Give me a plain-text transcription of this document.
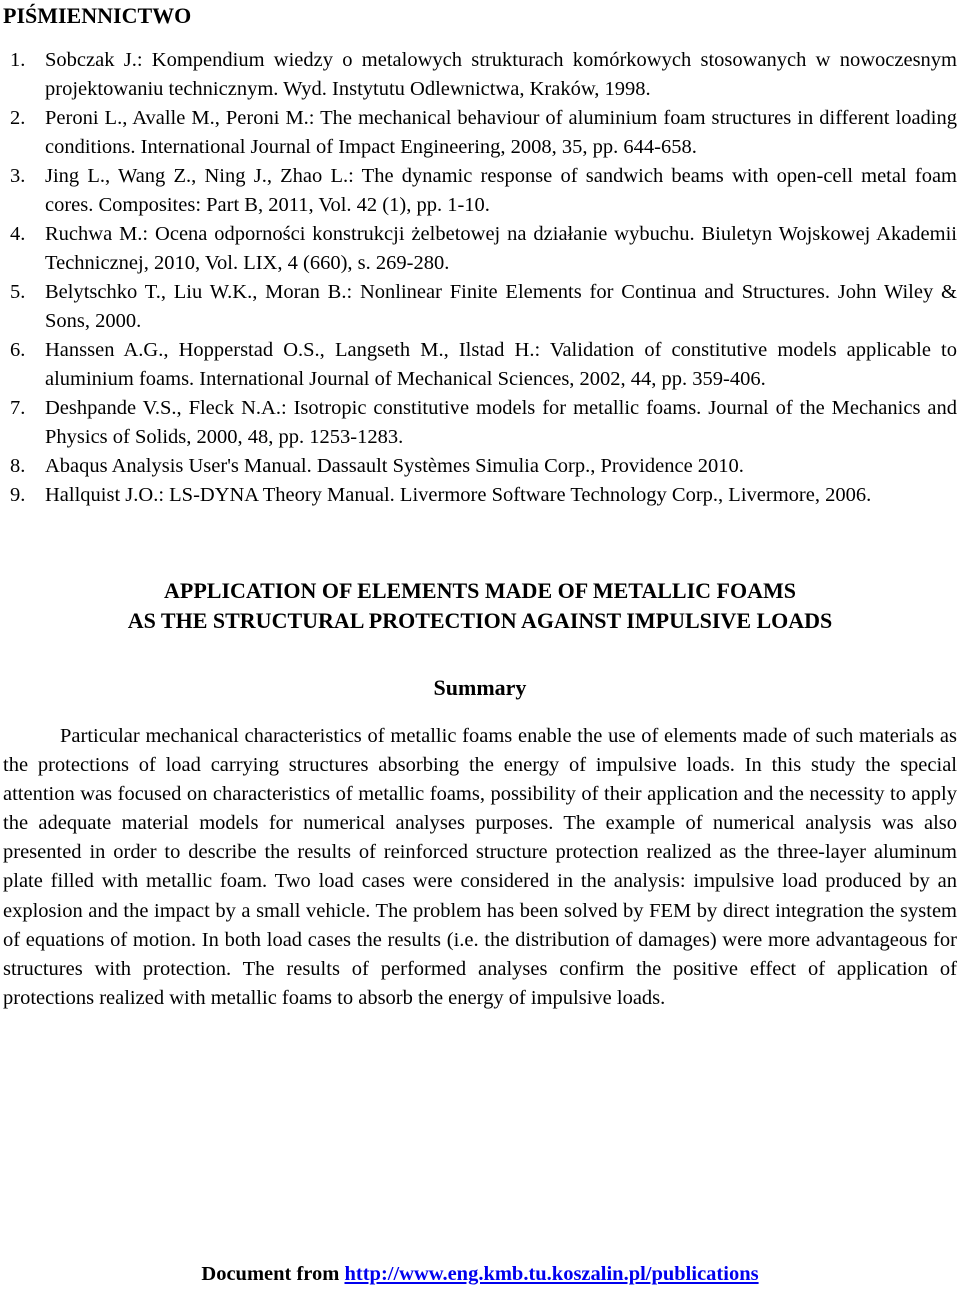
PIŚMIENNICTWO
1. Sobczak J.: Kompendium wiedzy o metalowych strukturach komórkowych stosowanych w nowoczesnym projektowaniu technicznym. Wyd. Instytutu Odlewnictwa, Kraków, 1998.
2. Peroni L., Avalle M., Peroni M.: The mechanical behaviour of aluminium foam structures in different loading conditions. International Journal of Impact Engineering, 2008, 35, pp. 644-658.
3. Jing L., Wang Z., Ning J., Zhao L.: The dynamic response of sandwich beams with open-cell metal foam cores. Composites: Part B, 2011, Vol. 42 (1), pp. 1-10.
4. Ruchwa M.: Ocena odporności konstrukcji żelbetowej na działanie wybuchu. Biuletyn Wojskowej Akademii Technicznej, 2010, Vol. LIX, 4 (660), s. 269-280.
5. Belytschko T., Liu W.K., Moran B.: Nonlinear Finite Elements for Continua and Structures. John Wiley & Sons, 2000.
6. Hanssen A.G., Hopperstad O.S., Langseth M., Ilstad H.: Validation of constitutive models applicable to aluminium foams. International Journal of Mechanical Sciences, 2002, 44, pp. 359-406.
7. Deshpande V.S., Fleck N.A.: Isotropic constitutive models for metallic foams. Journal of the Mechanics and Physics of Solids, 2000, 48, pp. 1253-1283.
8. Abaqus Analysis User's Manual. Dassault Systèmes Simulia Corp., Providence 2010.
9. Hallquist J.O.: LS-DYNA Theory Manual. Livermore Software Technology Corp., Livermore, 2006.
APPLICATION OF ELEMENTS MADE OF METALLIC FOAMS
AS THE STRUCTURAL PROTECTION AGAINST IMPULSIVE LOADS
Summary
Particular mechanical characteristics of metallic foams enable the use of elements made of such materials as the protections of load carrying structures absorbing the energy of impulsive loads. In this study the special attention was focused on characteristics of metallic foams, possibility of their application and the necessity to apply the adequate material models for numerical analyses purposes. The example of numerical analysis was also presented in order to describe the results of reinforced structure protection realized as the three-layer aluminum plate filled with metallic foam. Two load cases were considered in the analysis: impulsive load produced by an explosion and the impact by a small vehicle. The problem has been solved by FEM by direct integration the system of equations of motion. In both load cases the results (i.e. the distribution of damages) were more advantageous for structures with protection. The results of performed analyses confirm the positive effect of application of protections realized with metallic foams to absorb the energy of impulsive loads.
Document from http://www.eng.kmb.tu.koszalin.pl/publications
